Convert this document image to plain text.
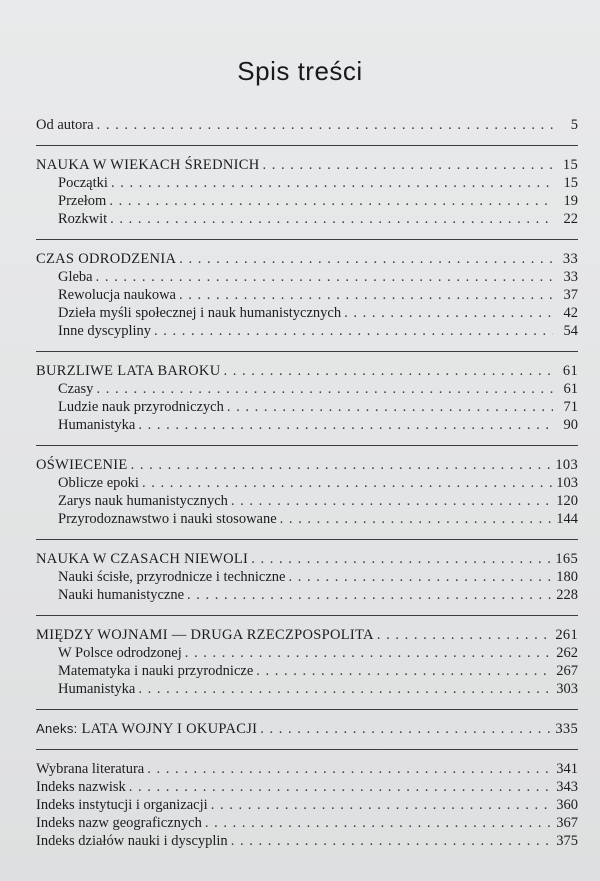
Spis treści
Od autora . . .	5
NAUKA W WIEKACH ŚREDNICH . . .	15
Początki . . .	15
Przełom . . .	19
Rozkwit . . .	22
CZAS ODRODZENIA . . .	33
Gleba . . .	33
Rewolucja naukowa . . .	37
Dzieła myśli społecznej i nauk humanistycznych . . .	42
Inne dyscypliny . . .	54
BURZLIWE LATA BAROKU . . .	61
Czasy . . .	61
Ludzie nauk przyrodniczych . . .	71
Humanistyka . . .	90
OŚWIECENIE . . .	103
Oblicze epoki . . .	103
Zarys nauk humanistycznych . . .	120
Przyrodoznawstwo i nauki stosowane . . .	144
NAUKA W CZASACH NIEWOLI . . .	165
Nauki ścisłe, przyrodnicze i techniczne . . .	180
Nauki humanistyczne . . .	228
MIĘDZY WOJNAMI — DRUGA RZECZPOSPOLITA . . .	261
W Polsce odrodzonej . . .	262
Matematyka i nauki przyrodnicze . . .	267
Humanistyka . . .	303
Aneks: LATA WOJNY I OKUPACJI . . .	335
Wybrana literatura . . .	341
Indeks nazwisk . . .	343
Indeks instytucji i organizacji . . .	360
Indeks nazw geograficznych . . .	367
Indeks działów nauki i dyscyplin . . .	375
